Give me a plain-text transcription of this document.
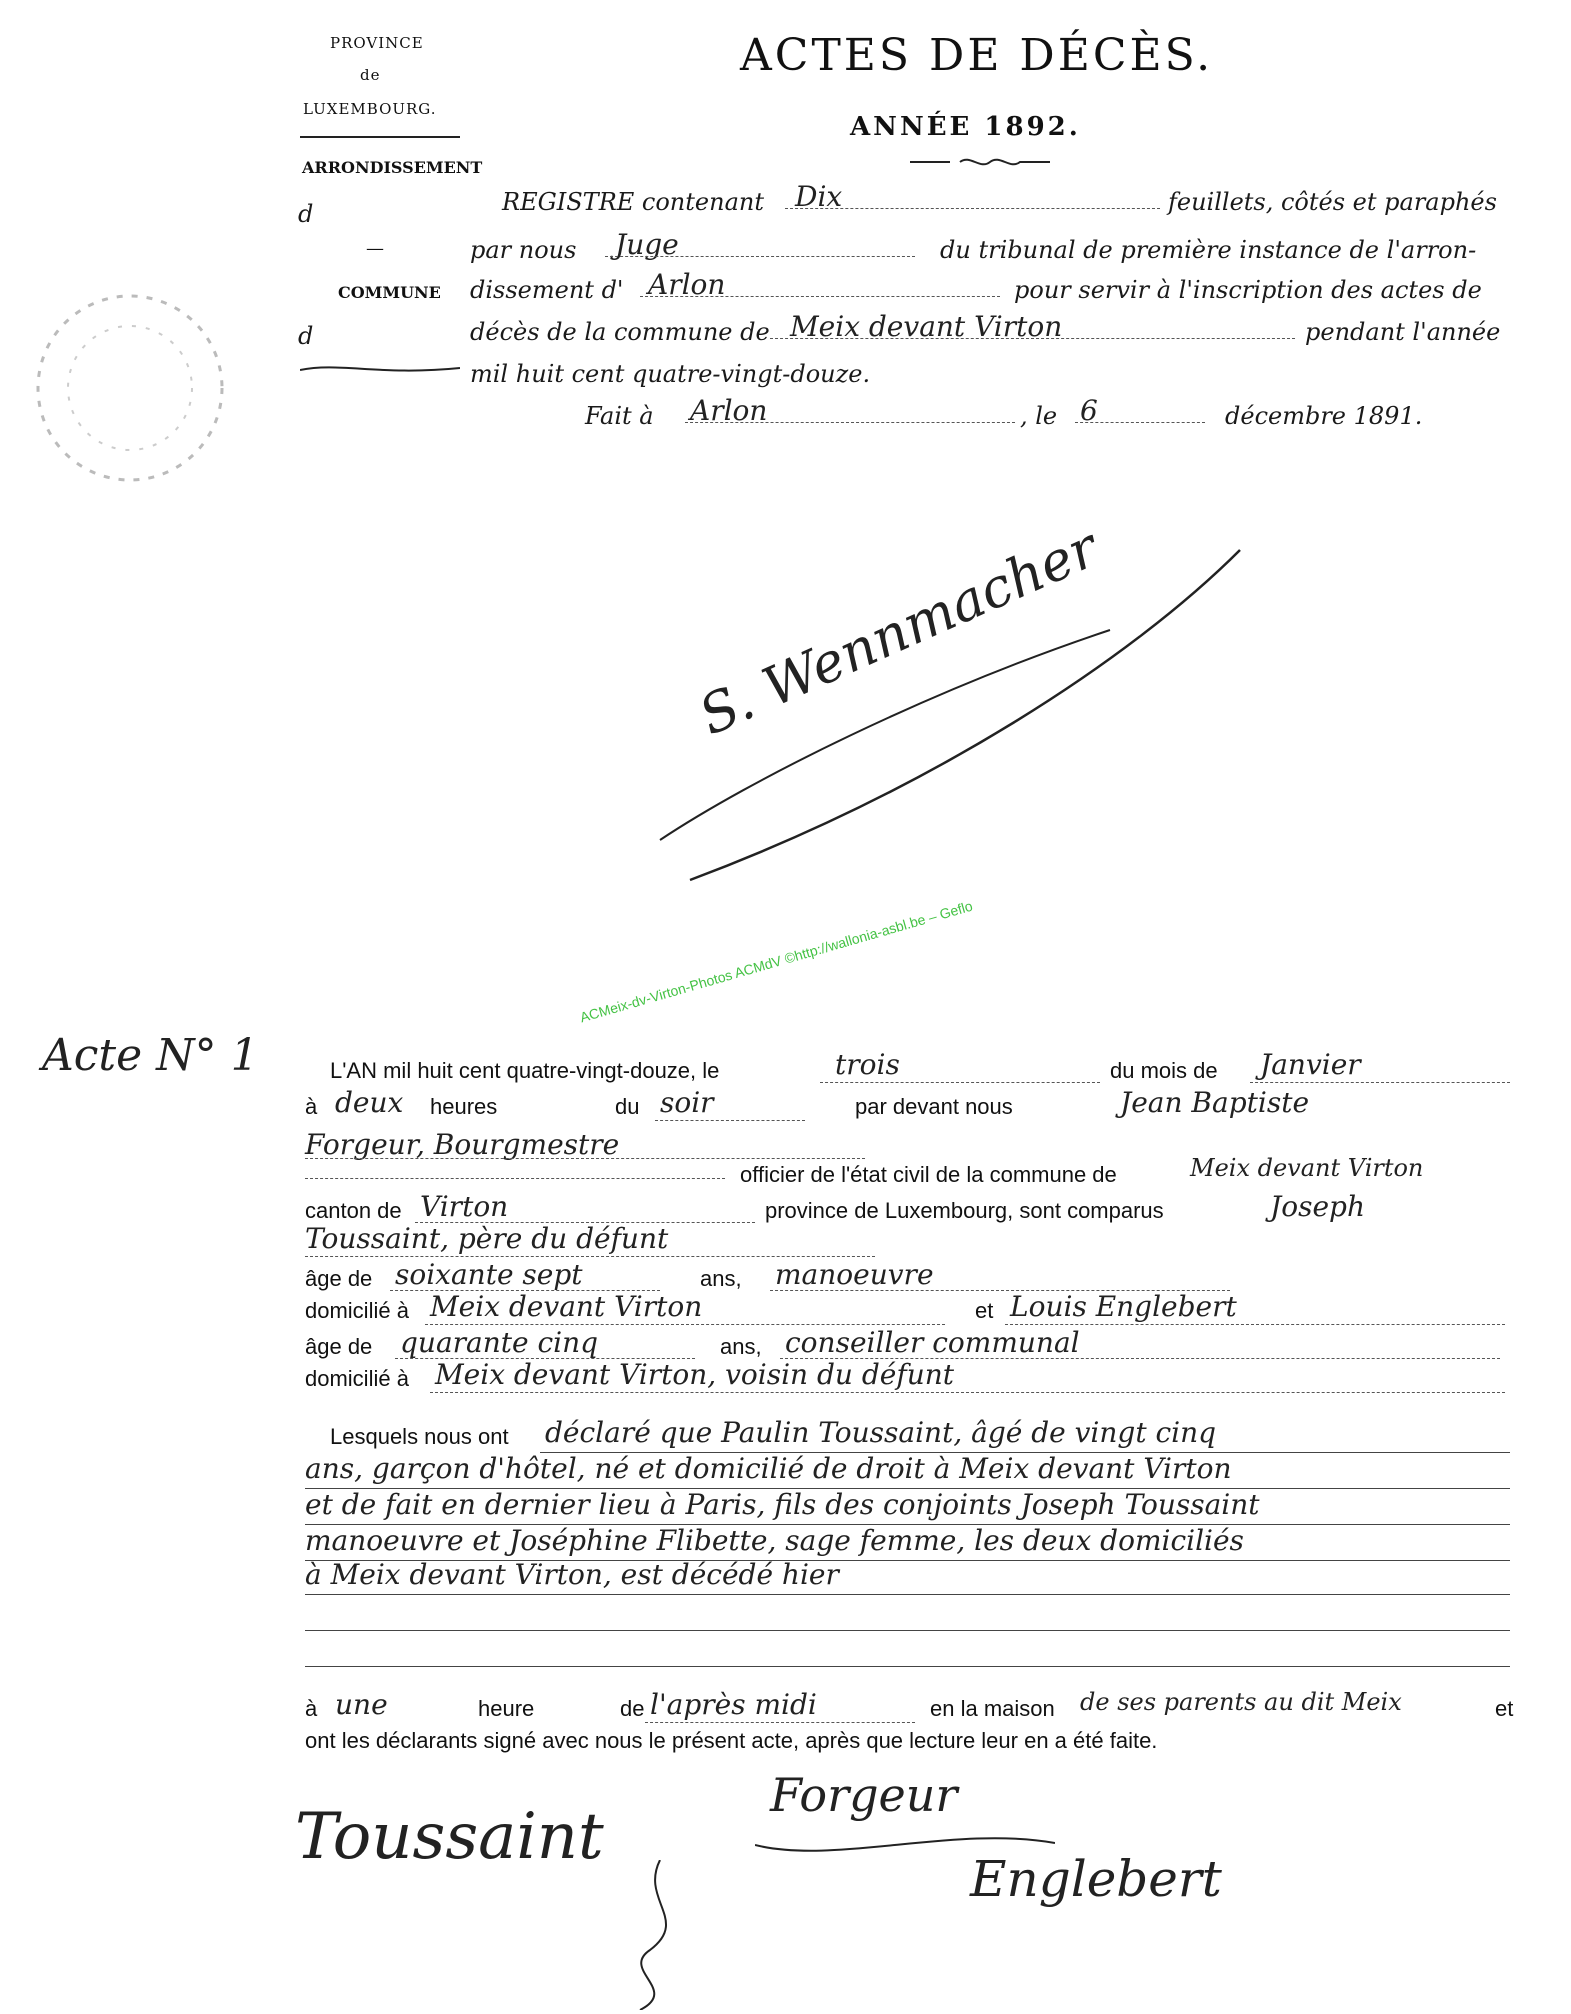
PROVINCE
de
LUXEMBOURG.
ARRONDISSEMENT
d
—
COMMUNE
d
ACTES DE DÉCÈS.
ANNÉE 1892.
REGISTRE contenant Dix	feuillets, côtés et paraphés
par nous Juge	du tribunal de première instance de l'arron-
dissement d' Arlon	pour servir à l'inscription des actes de
décès de la commune de Meix devant Virton	pendant l'année
mil huit cent quatre-vingt-douze.
Fait à Arlon	, le 6	décembre 1891.
S. Wennmacher
ACMeix-dv-Virton-Photos ACMdV ©http://wallonia-asbl.be – Geflo
Acte N° 1	L'AN mil huit cent quatre-vingt-douze, le	trois	du mois de Janvier
à deux heures	du soir	par devant nous	Jean Baptiste
Forgeur, Bourgmestre
officier de l'état civil de la commune de	Meix devant Virton
canton de Virton	province de Luxembourg, sont comparus	Joseph
Toussaint, père du défunt
âge de soixante sept	ans, manoeuvre
domicilié à Meix devant Virton	et Louis Englebert
âge de quarante cinq	ans, conseiller communal
domicilié à Meix devant Virton, voisin du défunt
Lesquels nous ont déclaré que Paulin Toussaint, âgé de vingt cinq
ans, garçon d'hôtel, né et domicilié de droit à Meix devant Virton
et de fait en dernier lieu à Paris, fils des conjoints Joseph Toussaint
manoeuvre et Joséphine Flibette, sage femme, les deux domiciliés
à Meix devant Virton, est décédé hier
à une	heure	de l'après midi	en la maison de ses parents au dit Meix	et
ont les déclarants signé avec nous le présent acte, après que lecture leur en a été faite.
Toussaint
Forgeur
Englebert
